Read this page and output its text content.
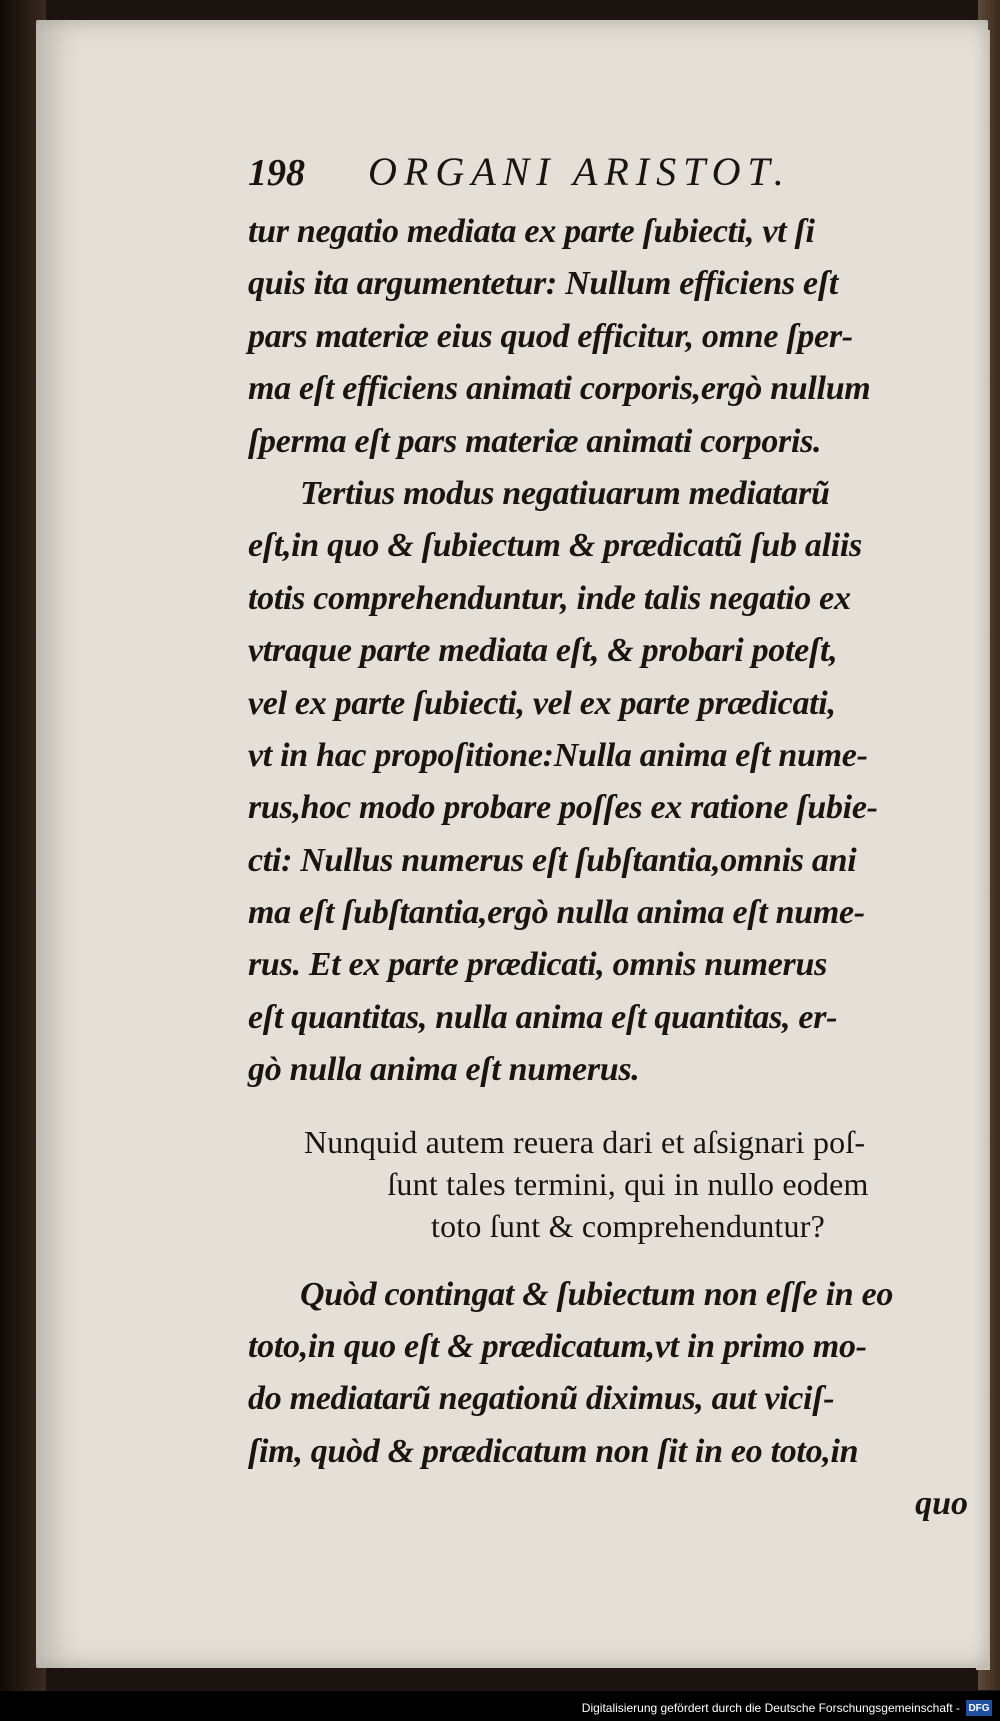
198	ORGANI ARISTOT.
tur negatio mediata ex parte ſubiecti, vt ſi
quis ita argumentetur: Nullum efficiens eſt
pars materiæ eius quod efficitur, omne ſper-
ma eſt efficiens animati corporis,ergò nullum
ſperma eſt pars materiæ animati corporis.
Tertius modus negatiuarum mediatarũ
eſt,in quo & ſubiectum & prædicatũ ſub aliis
totis comprehenduntur, inde talis negatio ex
vtraque parte mediata eſt, & probari poteſt,
vel ex parte ſubiecti, vel ex parte prædicati,
vt in hac propoſitione:Nulla anima eſt nume-
rus,hoc modo probare poſſes ex ratione ſubie-
cti: Nullus numerus eſt ſubſtantia,omnis ani
ma eſt ſubſtantia,ergò nulla anima eſt nume-
rus. Et ex parte prædicati, omnis numerus
eſt quantitas, nulla anima eſt quantitas, er-
gò nulla anima eſt numerus.
Nunquid autem reuera dari et aſsignari poſ-
ſunt tales termini, qui in nullo eodem
toto ſunt & comprehenduntur?
Quòd contingat & ſubiectum non eſſe in eo
toto,in quo eſt & prædicatum,vt in primo mo-
do mediatarũ negationũ diximus, aut viciſ-
ſim, quòd & prædicatum non ſit in eo toto,in
quo
Digitalisierung gefördert durch die Deutsche Forschungsgemeinschaft - DFG
